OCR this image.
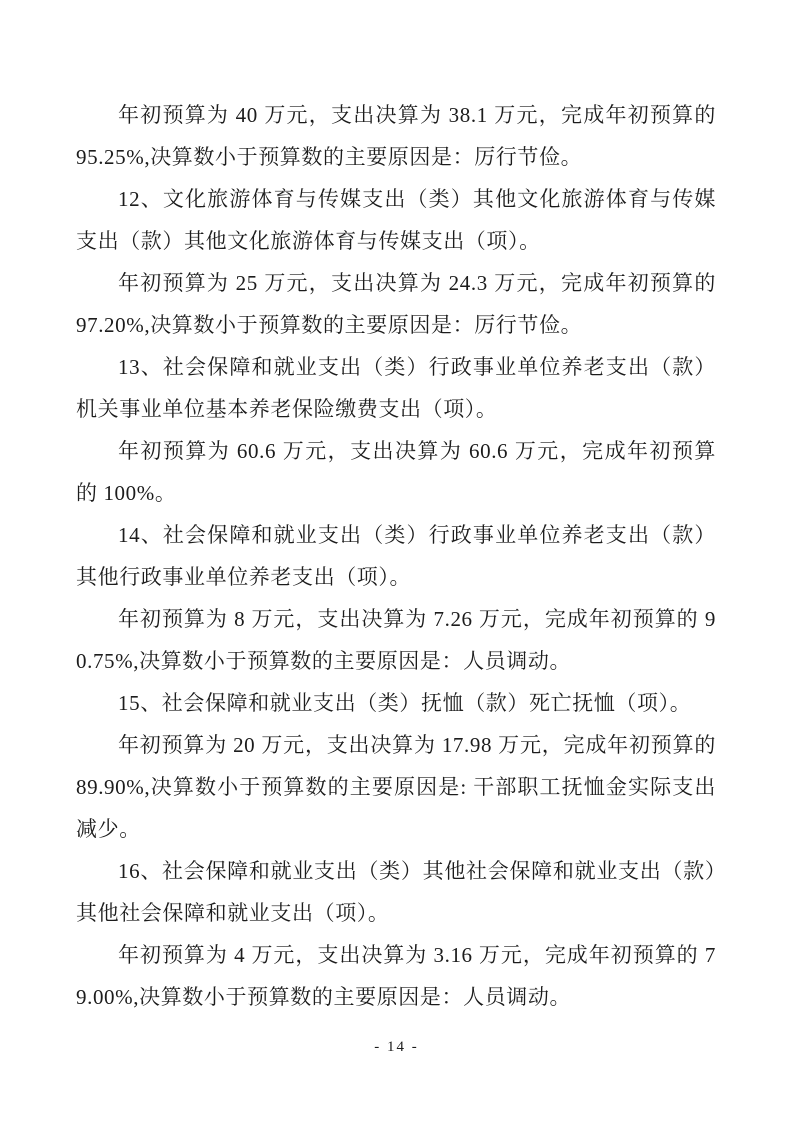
年初预算为 40 万元，支出决算为 38.1 万元，完成年初预算的 95.25%,决算数小于预算数的主要原因是：厉行节俭。

12、文化旅游体育与传媒支出（类）其他文化旅游体育与传媒支出（款）其他文化旅游体育与传媒支出（项）。

年初预算为 25 万元，支出决算为 24.3 万元，完成年初预算的 97.20%,决算数小于预算数的主要原因是：厉行节俭。

13、社会保障和就业支出（类）行政事业单位养老支出（款）机关事业单位基本养老保险缴费支出（项）。

年初预算为 60.6 万元，支出决算为 60.6 万元，完成年初预算的 100%。

14、社会保障和就业支出（类）行政事业单位养老支出（款）其他行政事业单位养老支出（项）。

年初预算为 8 万元，支出决算为 7.26 万元，完成年初预算的 90.75%,决算数小于预算数的主要原因是：人员调动。

15、社会保障和就业支出（类）抚恤（款）死亡抚恤（项）。

年初预算为 20 万元，支出决算为 17.98 万元，完成年初预算的 89.90%,决算数小于预算数的主要原因是: 干部职工抚恤金实际支出减少。

16、社会保障和就业支出（类）其他社会保障和就业支出（款）其他社会保障和就业支出（项）。

年初预算为 4 万元，支出决算为 3.16 万元，完成年初预算的 79.00%,决算数小于预算数的主要原因是：人员调动。

- 14 -
